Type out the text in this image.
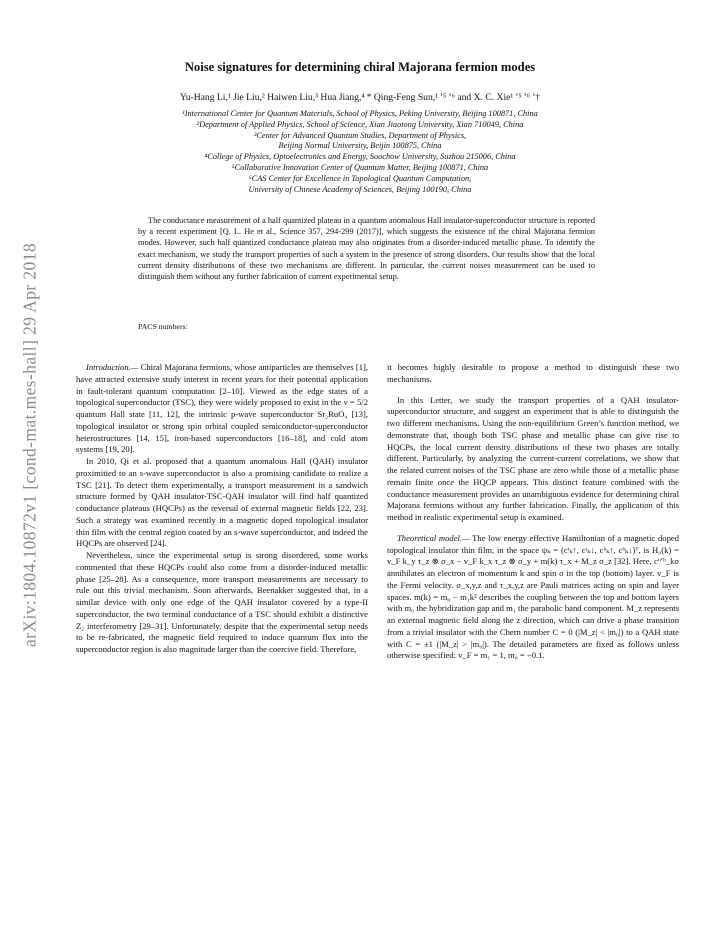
arXiv:1804.10872v1 [cond-mat.mes-hall] 29 Apr 2018
Noise signatures for determining chiral Majorana fermion modes
Yu-Hang Li,¹ Jie Liu,² Haiwen Liu,³ Hua Jiang,⁴ * Qing-Feng Sun,¹ ʼ⁵ ʼ⁶ and X. C. Xie¹ ʼ⁵ ʼ⁶ ʼ†
¹International Center for Quantum Materials, School of Physics, Peking University, Beijing 100871, China
²Department of Applied Physics, School of Science, Xian Jiaotong University, Xian 710049, China
³Center for Advanced Quantum Studies, Department of Physics,
Beijing Normal University, Beijin 100875, China
⁴College of Physics, Optoelectronics and Energy, Soochow University, Suzhou 215006, China
⁵Collaborative Innovation Center of Quantum Matter, Beijing 100871, China
⁶CAS Center for Excellence in Topological Quantum Computation,
University of Chinese Academy of Sciences, Beijing 100190, China
The conductance measurement of a half quantized plateau in a quantum anomalous Hall insulator-superconductor structure is reported by a recent experiment [Q. L. He et al., Science 357, 294-299 (2017)], which suggests the existence of the chiral Majorana fermion modes. However, such half quantized conductance plateau may also originates from a disorder-induced metallic phase. To identify the exact mechanism, we study the transport properties of such a system in the presence of strong disorders. Our results show that the local current density distributions of these two mechanisms are different. In particular, the current noises measurement can be used to distinguish them without any further fabrication of current experimental setup.
PACS numbers:

Introduction.— Chiral Majorana fermions, whose antiparticles are themselves [1], have attracted extensive study interest in recent years for their potential application in fault-tolerant quantum computation [2–10]. Viewed as the edge states of a topological superconductor (TSC), they were widely proposed to exist in the ν = 5/2 quantum Hall state [11, 12], the intrinsic p-wave superconductor Sr₂RuO₄ [13], topological insulator or strong spin orbital coupled semiconductor-superconductor heterostructures [14, 15], iron-based superconductors [16–18], and cold atom systems [19, 20].

In 2010, Qi et al. proposed that a quantum anomalous Hall (QAH) insulator proximitied to an s-wave superconductor is also a promising candidate to realize a TSC [21]. To detect them experimentally, a transport measurement in a sandwich structure formed by QAH insulator-TSC-QAH insulator will find half quantized conductance plateaus (HQCPs) as the reversal of external magnetic fields [22, 23]. Such a strategy was examined recently in a magnetic doped topological insulator thin film with the central region coated by an s-wave superconductor, and indeed the HQCPs are observed [24].

Nevertheless, since the experimental setup is strong disordered, some works commented that these HQCPs could also come from a disorder-induced metallic phase [25–28]. As a consequence, more transport measurements are necessary to rule out this trivial mechanism. Soon afterwards, Beenakker suggested that, in a similar device with only one edge of the QAH insulator covered by a type-II superconductor, the two terminal conductance of a TSC should exhibit a distinctive Z₂ interferometry [29–31]. Unfortunately, despite that the experimental setup needs to be re-fabricated, the magnetic field required to induce quantum flux into the superconductor region is also magnitude larger than the coercive field. Therefore,

it becomes highly desirable to propose a method to distinguish these two mechanisms.

In this Letter, we study the transport properties of a QAH insulator-superconductor structure, and suggest an experiment that is able to distinguish the two different mechanisms. Using the non-equilibrium Green’s function method, we demonstrate that, though both TSC phase and metallic phase can give rise to HQCPs, the local current density distributions of these two phases are totally different. Particularly, by analyzing the current-current correlations, we show that the related current noises of the TSC phase are zero while those of a metallic phase remain finite once the HQCP appears. This distinct feature combined with the conductance measurement provides an unambiguous evidence for determining chiral Majorana fermions without any further fabrication. Finally, the application of this method in realistic experimental setup is examined.

Theoretical model.— The low energy effective Hamiltonian of a magnetic doped topological insulator thin film, in the space ψₖ = (cᵗₖ↑, cᵗₖ↓, cᵇₖ↑, cᵇₖ↓)ᵀ, is H₀(k) = v_F k_y τ_z ⊗ σ_x − v_F k_x τ_z ⊗ σ_y + m(k) τ_x + M_z σ_z [32]. Here, cᵗᐟᵇ_kσ annihilates an electron of momentum k and spin σ in the top (bottom) layer. v_F is the Fermi velocity. σ_x,y,z and τ_x,y,z are Pauli matrices acting on spin and layer spaces. m(k) = m₀ − m₁k² describes the coupling between the top and bottom layers with m₀ the hybridization gap and m₁ the parabolic band component. M_z represents an external magnetic field along the z direction, which can drive a phase transition from a trivial insulator with the Chern number C = 0 (|M_z| < |m₀|) to a QAH state with C = ±1 (|M_z| > |m₀|). The detailed parameters are fixed as follows unless otherwise specified: v_F = m₁ = 1, m₀ = −0.1.
